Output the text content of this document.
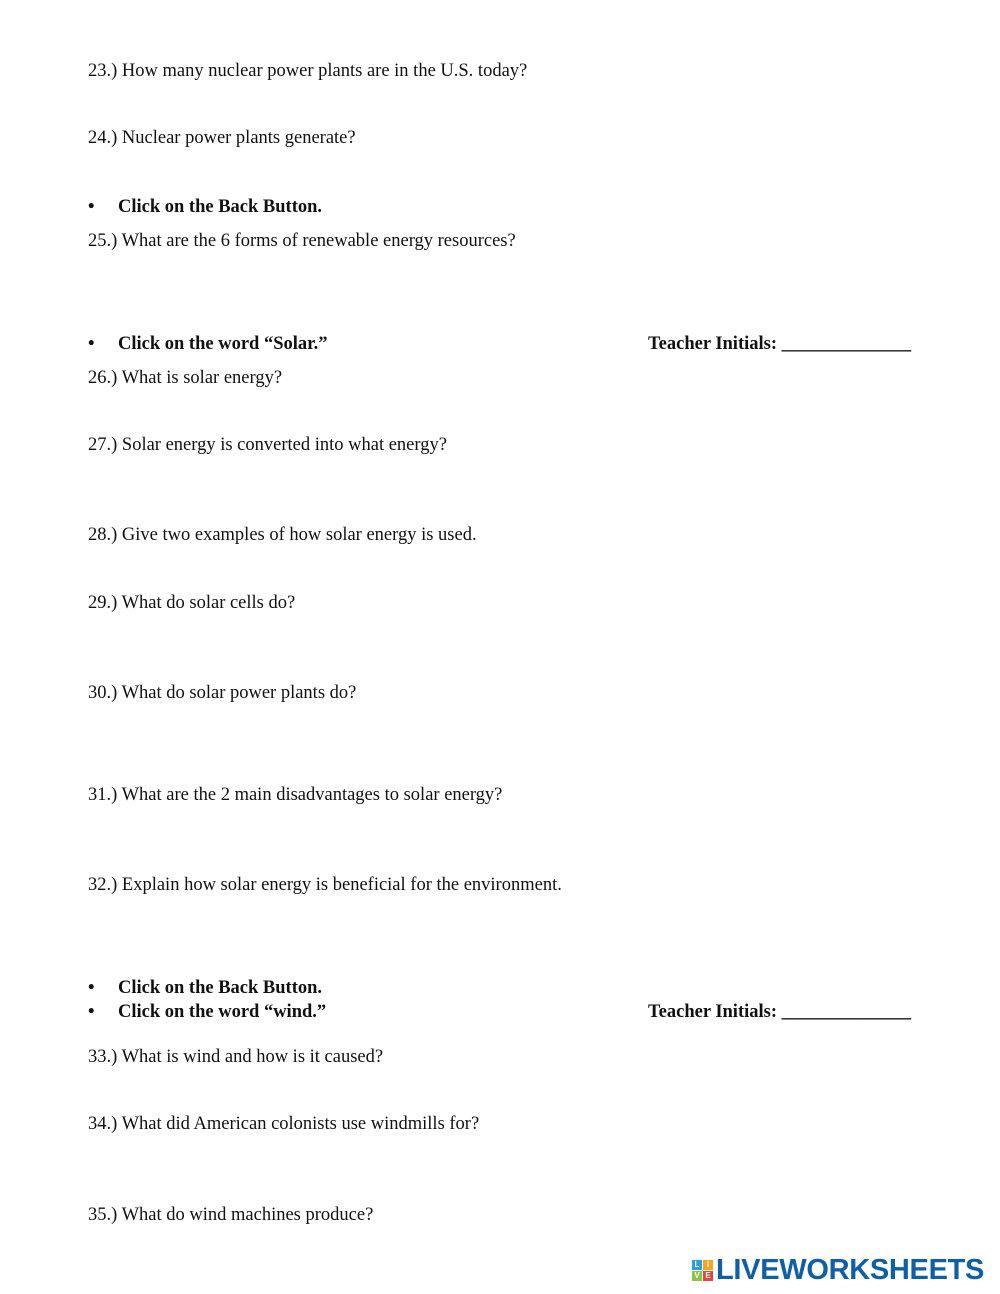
23.) How many nuclear power plants are in the U.S. today?
24.) Nuclear power plants generate?
• Click on the Back Button.
25.) What are the 6 forms of renewable energy resources?
• Click on the word “Solar.”	Teacher Initials: ______________
26.) What is solar energy?
27.) Solar energy is converted into what energy?
28.) Give two examples of how solar energy is used.
29.) What do solar cells do?
30.) What do solar power plants do?
31.) What are the 2 main disadvantages to solar energy?
32.) Explain how solar energy is beneficial for the environment.
• Click on the Back Button.
• Click on the word “wind.”	Teacher Initials: ______________
33.) What is wind and how is it caused?
34.) What did American colonists use windmills for?
35.) What do wind machines produce?
L I
V E LIVEWORKSHEETS
